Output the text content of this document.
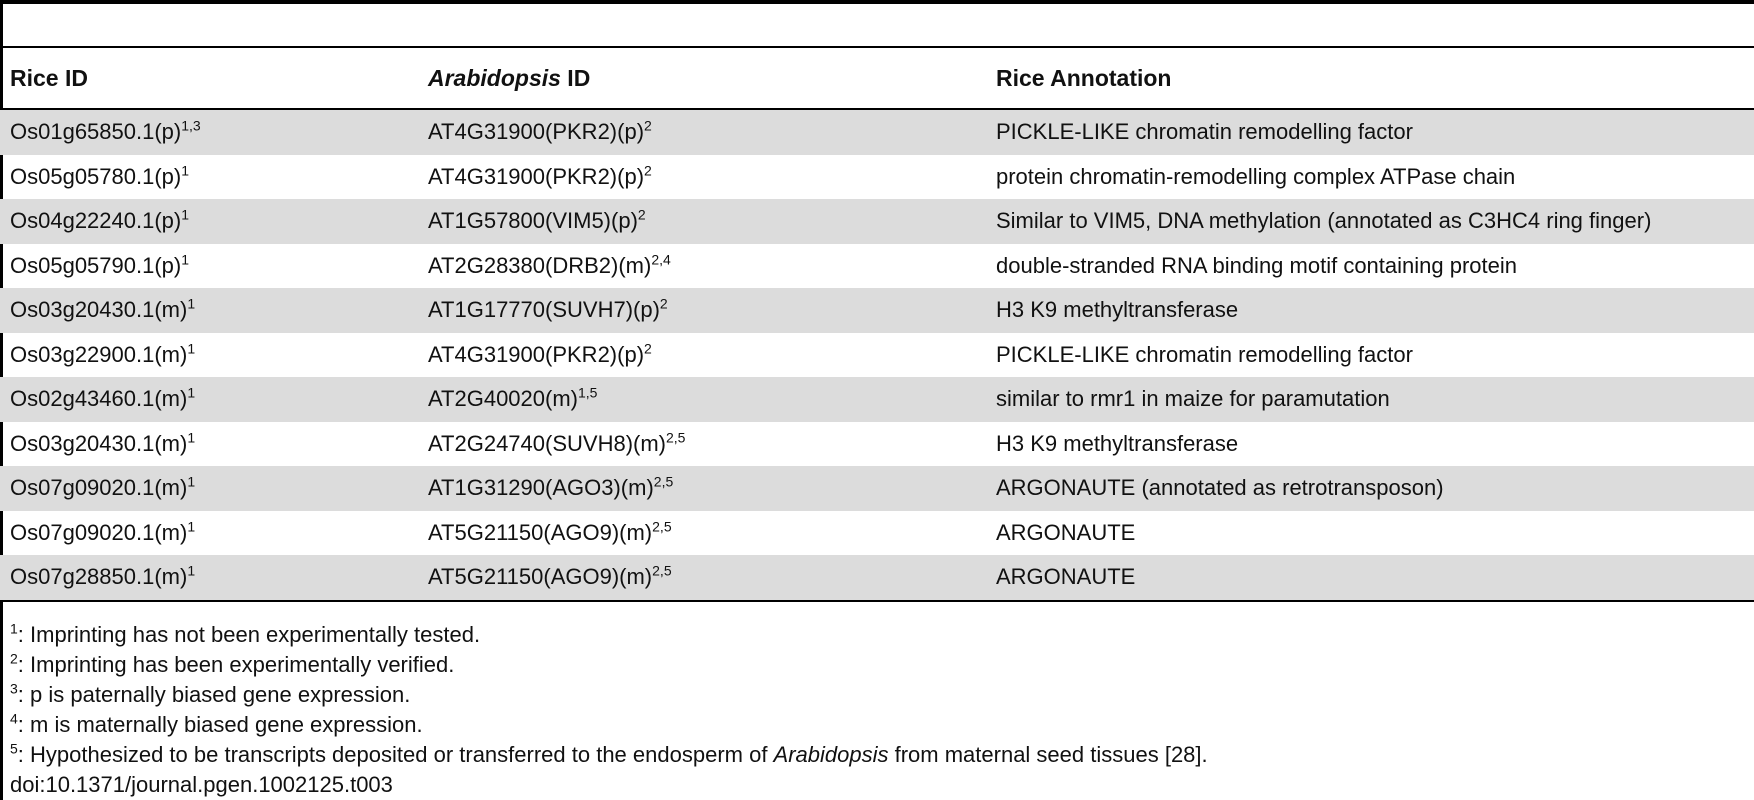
Rice ID	Arabidopsis ID	Rice Annotation
$Os01g65850.1(p)^{1,3}$	$AT4G31900(PKR2)(p)^2$	PICKLE-LIKE chromatin remodelling factor
$Os05g05780.1(p)^1$	$AT4G31900(PKR2)(p)^2$	protein chromatin-remodelling complex ATPase chain
$Os04g22240.1(p)^1$	$AT1G57800(VIM5)(p)^2$	Similar to VIM5, DNA methylation (annotated as C3HC4 ring finger)
$Os05g05790.1(p)^1$	$AT2G28380(DRB2)(m)^{2,4}$	double-stranded RNA binding motif containing protein
$Os03g20430.1(m)^1$	$AT1G17770(SUVH7)(p)^2$	H3 K9 methyltransferase
$Os03g22900.1(m)^1$	$AT4G31900(PKR2)(p)^2$	PICKLE-LIKE chromatin remodelling factor
$Os02g43460.1(m)^1$	$AT2G40020(m)^{1,5}$	similar to rmr1 in maize for paramutation
$Os03g20430.1(m)^1$	$AT2G24740(SUVH8)(m)^{2,5}$	H3 K9 methyltransferase
$Os07g09020.1(m)^1$	$AT1G31290(AGO3)(m)^{2,5}$	ARGONAUTE (annotated as retrotransposon)
$Os07g09020.1(m)^1$	$AT5G21150(AGO9)(m)^{2,5}$	ARGONAUTE
$Os07g28850.1(m)^1$	$AT5G21150(AGO9)(m)^{2,5}$	ARGONAUTE
$^1$: Imprinting has not been experimentally tested.
$^2$: Imprinting has been experimentally verified.
$^3$: p is paternally biased gene expression.
$^4$: m is maternally biased gene expression.
$^5$: Hypothesized to be transcripts deposited or transferred to the endosperm of Arabidopsis from maternal seed tissues [28].
doi:10.1371/journal.pgen.1002125.t003
